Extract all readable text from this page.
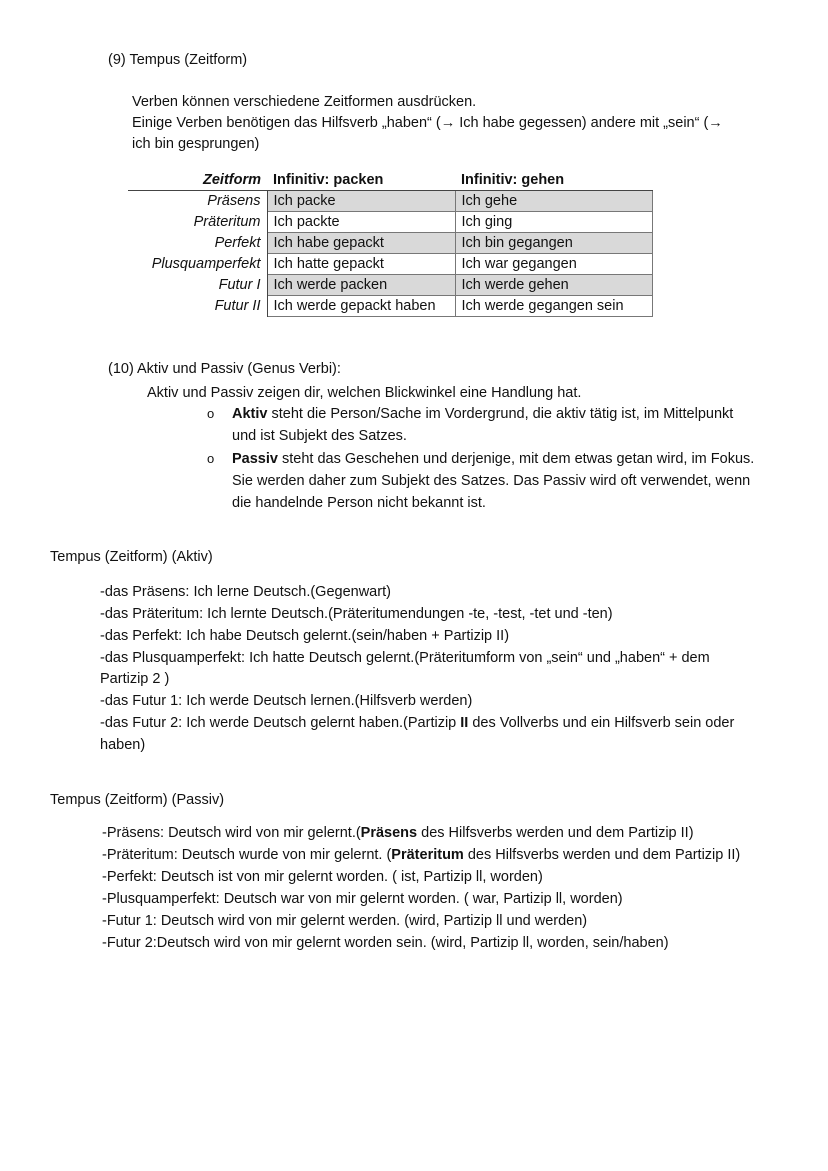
(9) Tempus (Zeitform)
Verben können verschiedene Zeitformen ausdrücken.
Einige Verben benötigen das Hilfsverb „haben“ (→ Ich habe gegessen) andere mit „sein“ (→
ich bin gesprungen)
Zeitform	Infinitiv: packen	Infinitiv: gehen
Präsens	Ich packe	Ich gehe
Präteritum	Ich packte	Ich ging
Perfekt	Ich habe gepackt	Ich bin gegangen
Plusquamperfekt	Ich hatte gepackt	Ich war gegangen
Futur I	Ich werde packen	Ich werde gehen
Futur II	Ich werde gepackt haben	Ich werde gegangen sein
(10) Aktiv und Passiv (Genus Verbi):
Aktiv und Passiv zeigen dir, welchen Blickwinkel eine Handlung hat.
o Aktiv steht die Person/Sache im Vordergrund, die aktiv tätig ist, im Mittelpunkt
und ist Subjekt des Satzes.
o Passiv steht das Geschehen und derjenige, mit dem etwas getan wird, im Fokus.
Sie werden daher zum Subjekt des Satzes. Das Passiv wird oft verwendet, wenn
die handelnde Person nicht bekannt ist.
Tempus (Zeitform) (Aktiv)
-das Präsens: Ich lerne Deutsch.(Gegenwart)
-das Präteritum: Ich lernte Deutsch.(Präteritumendungen -te, -test, -tet und -ten)
-das Perfekt: Ich habe Deutsch gelernt.(sein/haben + Partizip II)
-das Plusquamperfekt: Ich hatte Deutsch gelernt.(Präteritumform von „sein“ und „haben“ + dem
Partizip 2 )
-das Futur 1: Ich werde Deutsch lernen.(Hilfsverb werden)
-das Futur 2: Ich werde Deutsch gelernt haben.(Partizip II des Vollverbs und ein Hilfsverb sein oder
haben)
Tempus (Zeitform) (Passiv)
-Präsens: Deutsch wird von mir gelernt.(Präsens des Hilfsverbs werden und dem Partizip II)
-Präteritum: Deutsch wurde von mir gelernt. (Präteritum des Hilfsverbs werden und dem Partizip II)
-Perfekt: Deutsch ist von mir gelernt worden. ( ist, Partizip ll, worden)
-Plusquamperfekt: Deutsch war von mir gelernt worden. ( war, Partizip ll, worden)
-Futur 1: Deutsch wird von mir gelernt werden. (wird, Partizip ll und werden)
-Futur 2:Deutsch wird von mir gelernt worden sein. (wird, Partizip ll, worden, sein/haben)
